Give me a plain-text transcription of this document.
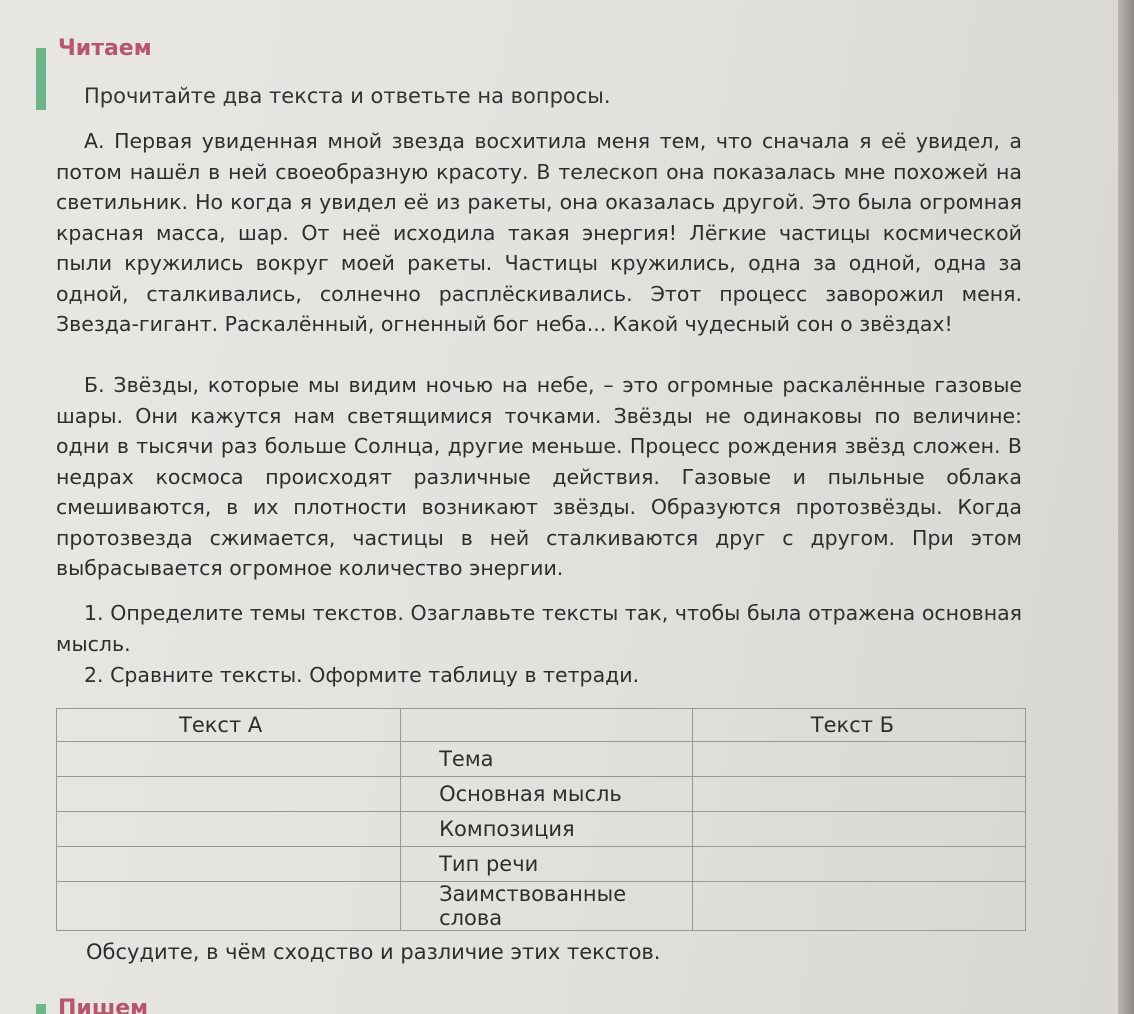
Читаем
Прочитайте два текста и ответьте на вопросы.

А. Первая увиденная мной звезда восхитила меня тем, что сначала я её увидел, а потом нашёл в ней своеобразную красоту. В телескоп она показалась мне похожей на светильник. Но когда я увидел её из ракеты, она оказалась другой. Это была огромная красная масса, шар. От неё исходила такая энергия! Лёгкие частицы космической пыли кружились вокруг моей ракеты. Частицы кружились, одна за одной, одна за одной, сталкивались, солнечно расплёскивались. Этот процесс заворожил меня. Звезда-гигант. Раскалённый, огненный бог неба... Какой чудесный сон о звёздах!

Б. Звёзды, которые мы видим ночью на небе, – это огромные раскалённые газовые шары. Они кажутся нам светящимися точками. Звёзды не одинаковы по величине: одни в тысячи раз больше Солнца, другие меньше. Процесс рождения звёзд сложен. В недрах космоса происходят различные действия. Газовые и пыльные облака смешиваются, в их плотности возникают звёзды. Образуются протозвёзды. Когда протозвезда сжимается, частицы в ней сталкиваются друг с другом. При этом выбрасывается огромное количество энергии.

1. Определите темы текстов. Озаглавьте тексты так, чтобы была отражена основная мысль.

2. Сравните тексты. Оформите таблицу в тетради.

Текст А		Текст Б
	Тема	
	Основная мысль	
	Композиция	
	Тип речи	
	Заимствованные слова	
Обсудите, в чём сходство и различие этих текстов.
Пишем
